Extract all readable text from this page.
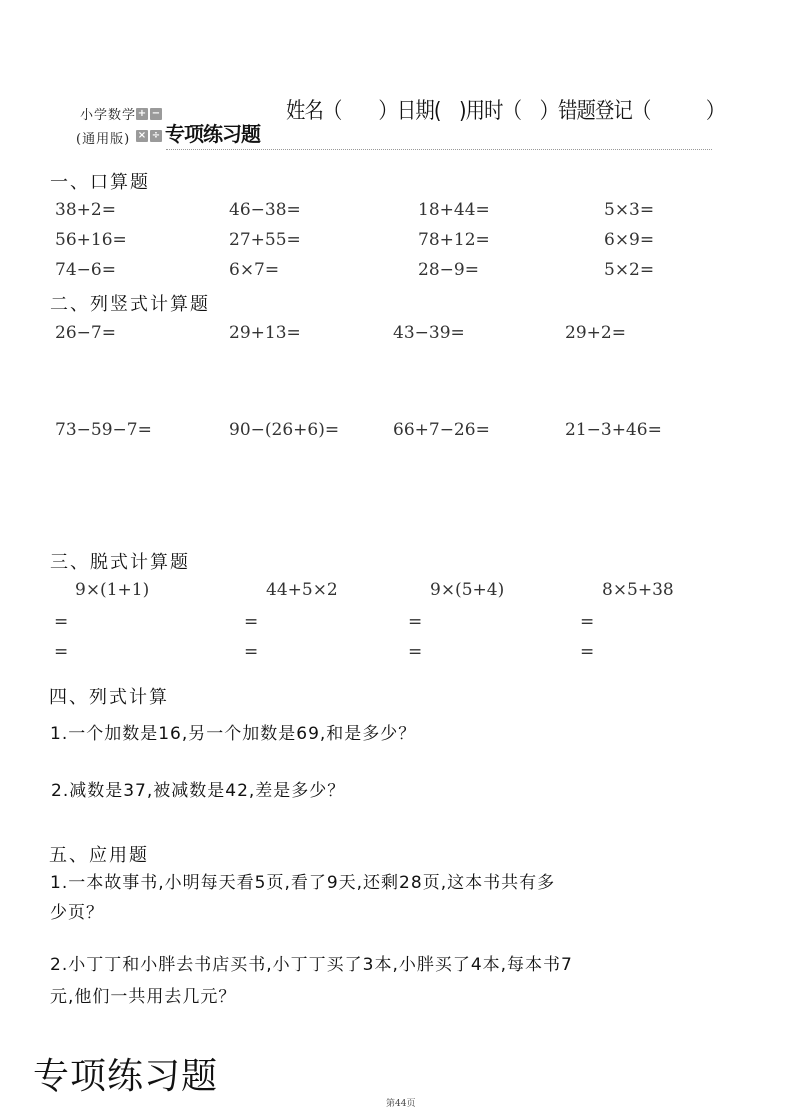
小学数学
(通用版)
+ −
× ÷ 专项练习题
姓名（　　）日期(　)用时（　）错题登记（　　　）
一、口算题
38+2=	46−38=	18+44=	5×3=
56+16=	27+55=	78+12=	6×9=
74−6=	6×7=	28−9=	5×2=
二、列竖式计算题
26−7=	29+13=	43−39=	29+2=
73−59−7=	90−(26+6)=	66+7−26=	21−3+46=
三、脱式计算题
9×(1+1)	44+5×2	9×(5+4)	8×5+38
=	=	=	=
=	=	=	=
四、列式计算
1.一个加数是16,另一个加数是69,和是多少？
2.减数是37,被减数是42,差是多少？
五、应用题
1.一本故事书,小明每天看5页,看了9天,还剩28页,这本书共有多
少页？
2.小丁丁和小胖去书店买书,小丁丁买了3本,小胖买了4本,每本书7
元,他们一共用去几元？
专项练习题
第44页
